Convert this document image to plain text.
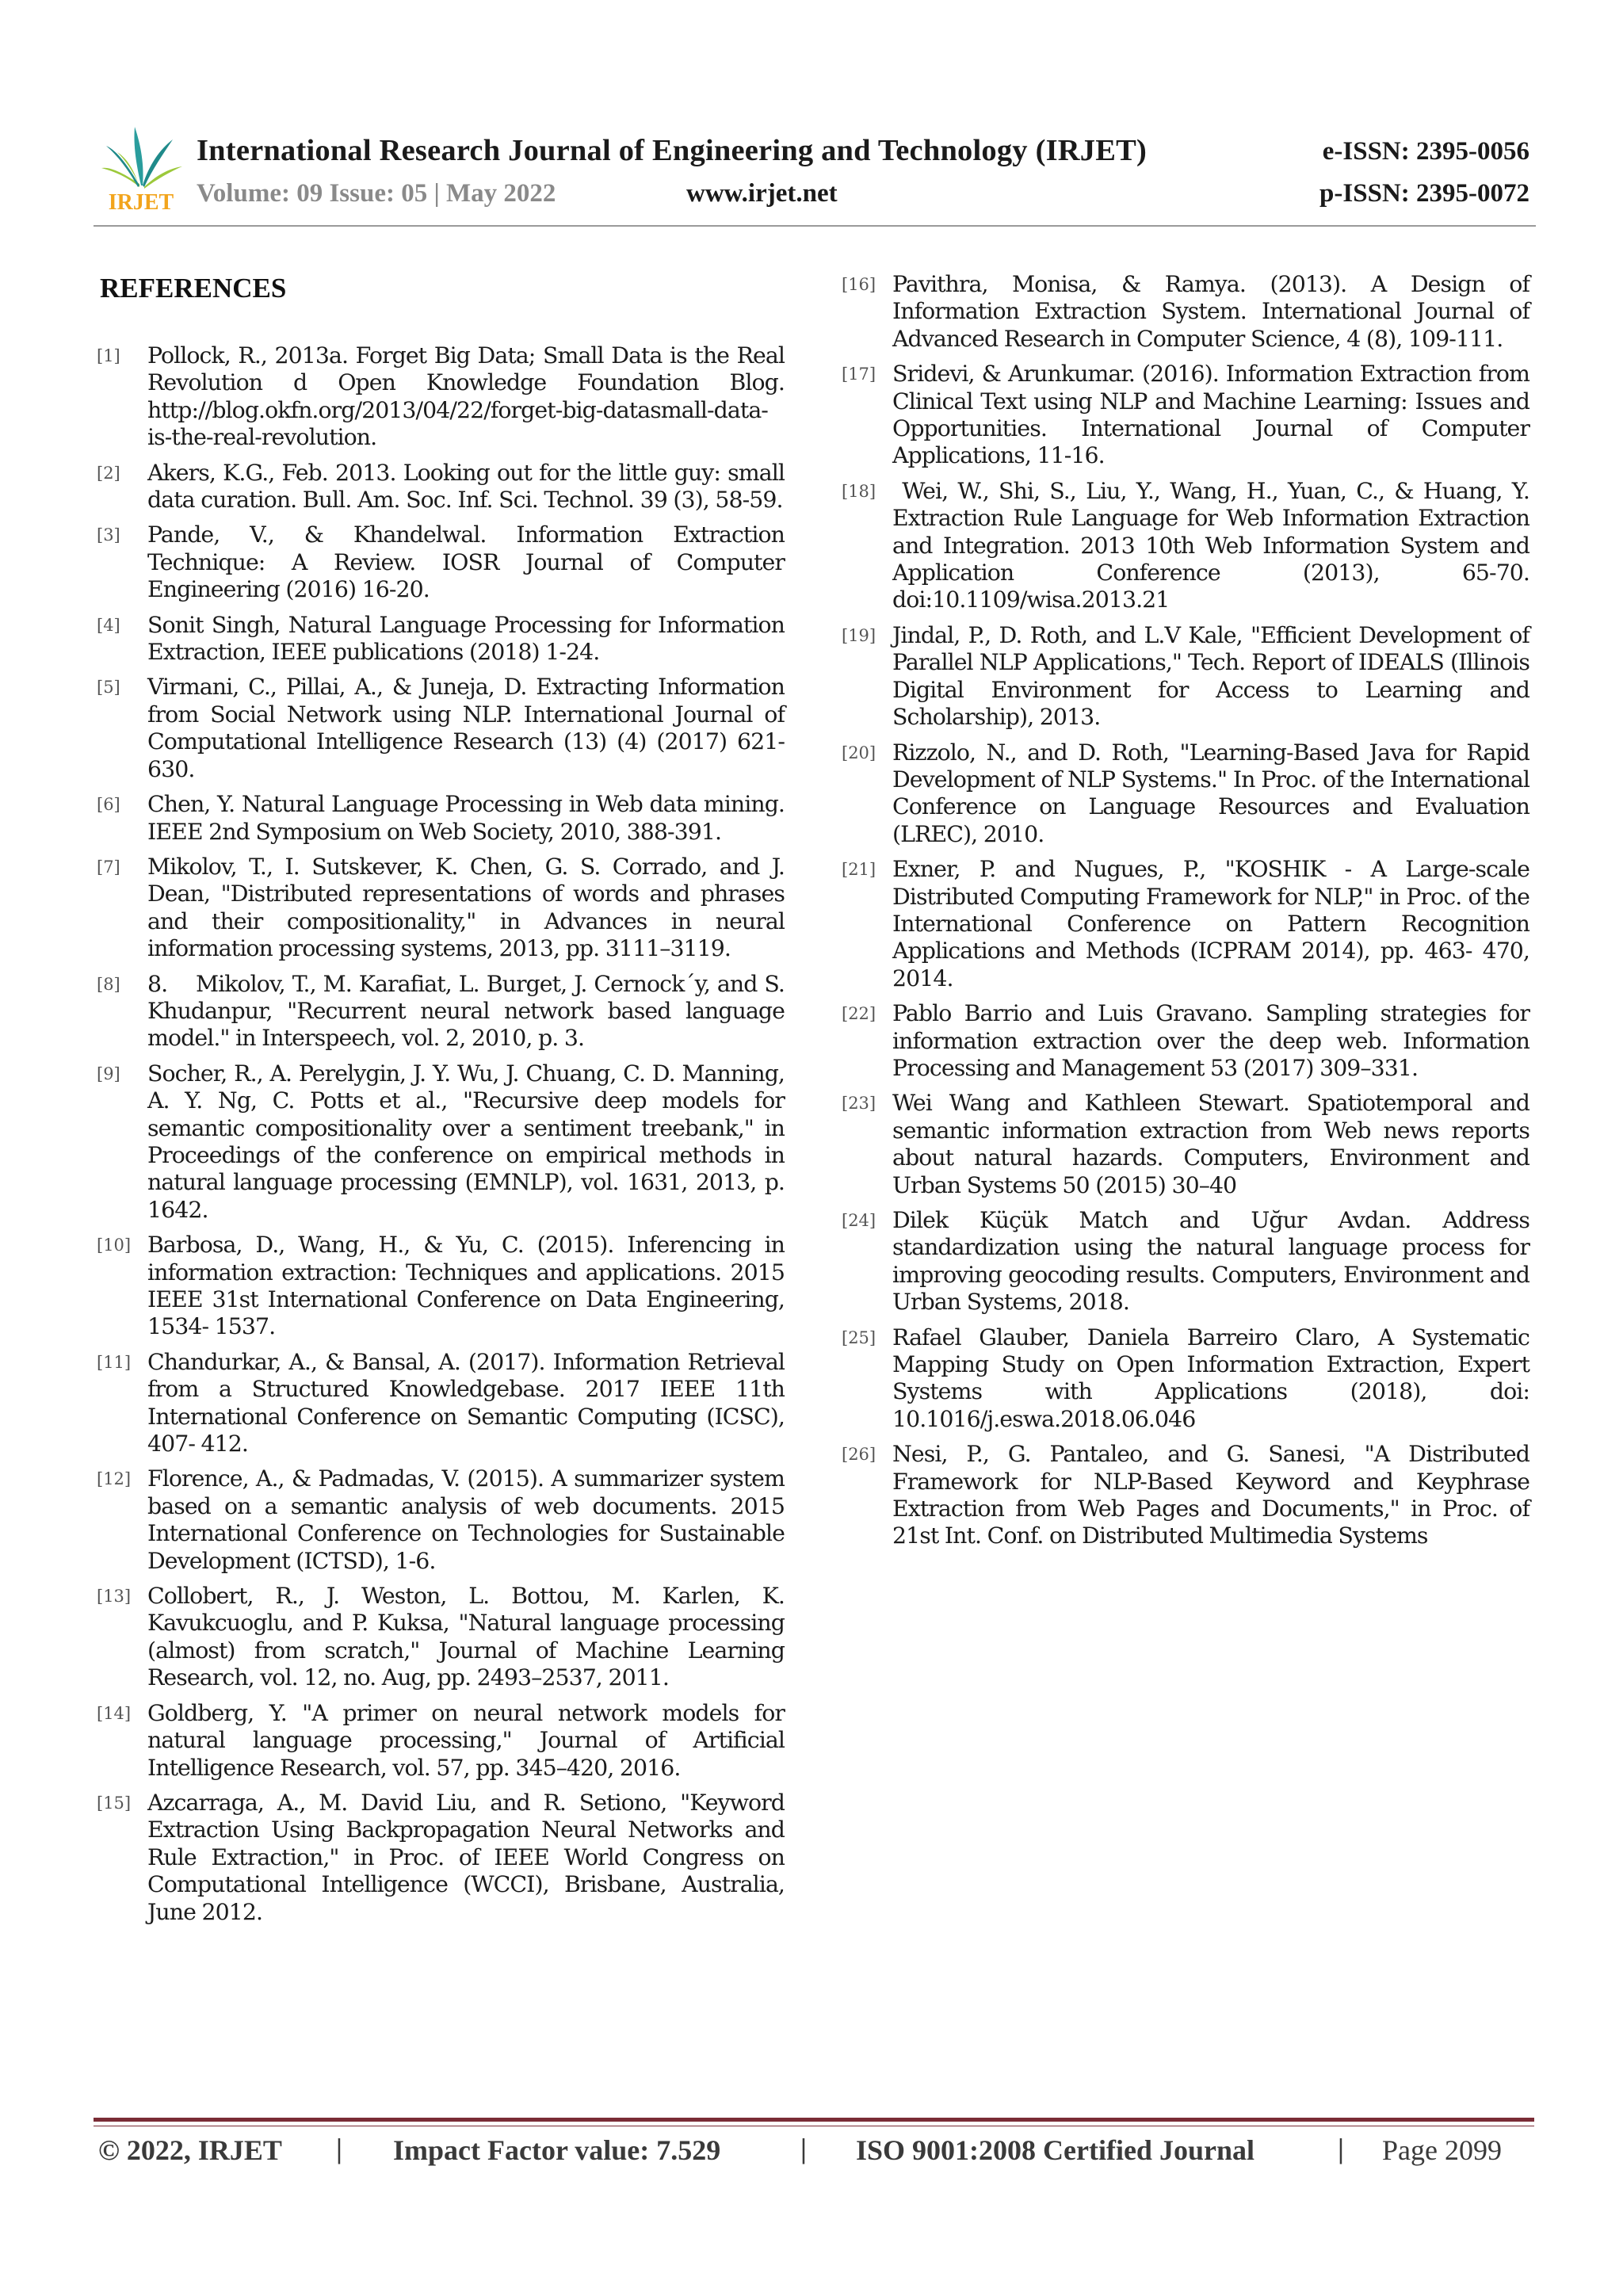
IRJET
International Research Journal of Engineering and Technology (IRJET)	e-ISSN: 2395-0056
Volume: 09 Issue: 05 | May 2022	www.irjet.net	p-ISSN: 2395-0072
REFERENCES
[1] Pollock, R., 2013a. Forget Big Data; Small Data is the Real Revolution d Open Knowledge Foundation Blog. http://blog.okfn.org/2013/04/22/forget-big-datasmall-data-is-the-real-revolution.
[2] Akers, K.G., Feb. 2013. Looking out for the little guy: small data curation. Bull. Am. Soc. Inf. Sci. Technol. 39 (3), 58-59.
[3] Pande, V., & Khandelwal. Information Extraction Technique: A Review. IOSR Journal of Computer Engineering (2016) 16-20.
[4] Sonit Singh, Natural Language Processing for Information Extraction, IEEE publications (2018) 1-24.
[5] Virmani, C., Pillai, A., & Juneja, D. Extracting Information from Social Network using NLP. International Journal of Computational Intelligence Research (13) (4) (2017) 621-630.
[6] Chen, Y. Natural Language Processing in Web data mining. IEEE 2nd Symposium on Web Society, 2010, 388-391.
[7] Mikolov, T., I. Sutskever, K. Chen, G. S. Corrado, and J. Dean, "Distributed representations of words and phrases and their compositionality," in Advances in neural information processing systems, 2013, pp. 3111–3119.
[8] 8.    Mikolov, T., M. Karafiat, L. Burget, J. Cernock´y, and S. Khudanpur, "Recurrent neural network based language model." in Interspeech, vol. 2, 2010, p. 3.
[9] Socher, R., A. Perelygin, J. Y. Wu, J. Chuang, C. D. Manning, A. Y. Ng, C. Potts et al., "Recursive deep models for semantic compositionality over a sentiment treebank," in Proceedings of the conference on empirical methods in natural language processing (EMNLP), vol. 1631, 2013, p. 1642.
[10] Barbosa, D., Wang, H., & Yu, C. (2015). Inferencing in information extraction: Techniques and applications. 2015 IEEE 31st International Conference on Data Engineering, 1534- 1537.
[11] Chandurkar, A., & Bansal, A. (2017). Information Retrieval from a Structured Knowledgebase. 2017 IEEE 11th International Conference on Semantic Computing (ICSC), 407- 412.
[12] Florence, A., & Padmadas, V. (2015). A summarizer system based on a semantic analysis of web documents. 2015 International Conference on Technologies for Sustainable Development (ICTSD), 1-6.
[13] Collobert, R., J. Weston, L. Bottou, M. Karlen, K. Kavukcuoglu, and P. Kuksa, "Natural language processing (almost) from scratch," Journal of Machine Learning Research, vol. 12, no. Aug, pp. 2493–2537, 2011.
[14] Goldberg, Y. "A primer on neural network models for natural language processing," Journal of Artificial Intelligence Research, vol. 57, pp. 345–420, 2016.
[15] Azcarraga, A., M. David Liu, and R. Setiono, "Keyword Extraction Using Backpropagation Neural Networks and Rule Extraction," in Proc. of IEEE World Congress on Computational Intelligence (WCCI), Brisbane, Australia, June 2012.
[16] Pavithra, Monisa, & Ramya. (2013). A Design of Information Extraction System. International Journal of Advanced Research in Computer Science, 4 (8), 109-111.
[17] Sridevi, & Arunkumar. (2016). Information Extraction from Clinical Text using NLP and Machine Learning: Issues and Opportunities. International Journal of Computer Applications, 11-16.
[18] Wei, W., Shi, S., Liu, Y., Wang, H., Yuan, C., & Huang, Y. Extraction Rule Language for Web Information Extraction and Integration. 2013 10th Web Information System and Application Conference (2013), 65-70. doi:10.1109/wisa.2013.21
[19] Jindal, P., D. Roth, and L.V Kale, "Efficient Development of Parallel NLP Applications," Tech. Report of IDEALS (Illinois Digital Environment for Access to Learning and Scholarship), 2013.
[20] Rizzolo, N., and D. Roth, "Learning-Based Java for Rapid Development of NLP Systems." In Proc. of the International Conference on Language Resources and Evaluation (LREC), 2010.
[21] Exner, P. and Nugues, P., "KOSHIK - A Large-scale Distributed Computing Framework for NLP," in Proc. of the International Conference on Pattern Recognition Applications and Methods (ICPRAM 2014), pp. 463- 470, 2014.
[22] Pablo Barrio and Luis Gravano. Sampling strategies for information extraction over the deep web. Information Processing and Management 53 (2017) 309–331.
[23] Wei Wang and Kathleen Stewart. Spatiotemporal and semantic information extraction from Web news reports about natural hazards. Computers, Environment and Urban Systems 50 (2015) 30–40
[24] Dilek Küçük Match and Uğur Avdan. Address standardization using the natural language process for improving geocoding results. Computers, Environment and Urban Systems, 2018.
[25] Rafael Glauber, Daniela Barreiro Claro, A Systematic Mapping Study on Open Information Extraction, Expert Systems with Applications (2018), doi: 10.1016/j.eswa.2018.06.046
[26] Nesi, P., G. Pantaleo, and G. Sanesi, "A Distributed Framework for NLP-Based Keyword and Keyphrase Extraction from Web Pages and Documents," in Proc. of 21st Int. Conf. on Distributed Multimedia Systems
© 2022, IRJET | Impact Factor value: 7.529	| ISO 9001:2008 Certified Journal	| Page 2099
